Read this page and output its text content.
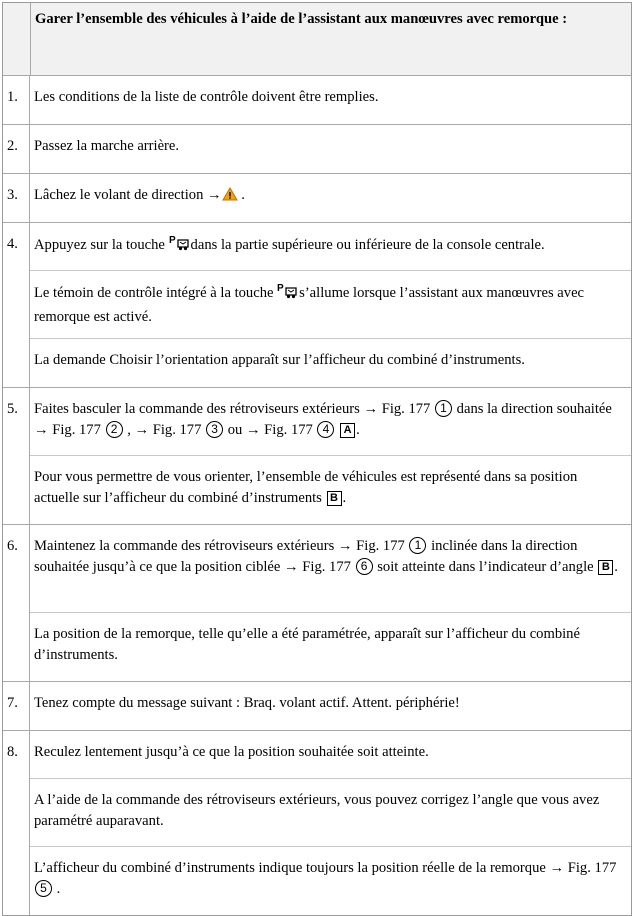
Garer l’ensemble des véhicules à l’aide de l’assistant aux manœuvres avec remorque :
1.	Les conditions de la liste de contrôle doivent être remplies.
2.	Passez la marche arrière.
3.	Lâchez le volant de direction → .
4.	Appuyez sur la touche P dans la partie supérieure ou inférieure de la console centrale.
Le témoin de contrôle intégré à la touche P s’allume lorsque l’assistant aux manœuvres avec remorque est activé.
La demande Choisir l’orientation apparaît sur l’afficheur du combiné d’instruments.
5.	Faites basculer la commande des rétroviseurs extérieurs → Fig. 177 1 dans la direction souhaitée → Fig. 177 2 , → Fig. 177 3 ou → Fig. 177 4 A .
Pour vous permettre de vous orienter, l’ensemble de véhicules est représenté dans sa position actuelle sur l’afficheur du combiné d’instruments B .
6.	Maintenez la commande des rétroviseurs extérieurs → Fig. 177 1 inclinée dans la direction souhaitée jusqu’à ce que la position ciblée → Fig. 177 6 soit atteinte dans l’indicateur d’angle B .
La position de la remorque, telle qu’elle a été paramétrée, apparaît sur l’afficheur du combiné d’instruments.
7.	Tenez compte du message suivant : Braq. volant actif. Attent. périphérie!
8.	Reculez lentement jusqu’à ce que la position souhaitée soit atteinte.
A l’aide de la commande des rétroviseurs extérieurs, vous pouvez corrigez l’angle que vous avez paramétré auparavant.
L’afficheur du combiné d’instruments indique toujours la position réelle de la remorque → Fig. 177 5 .
